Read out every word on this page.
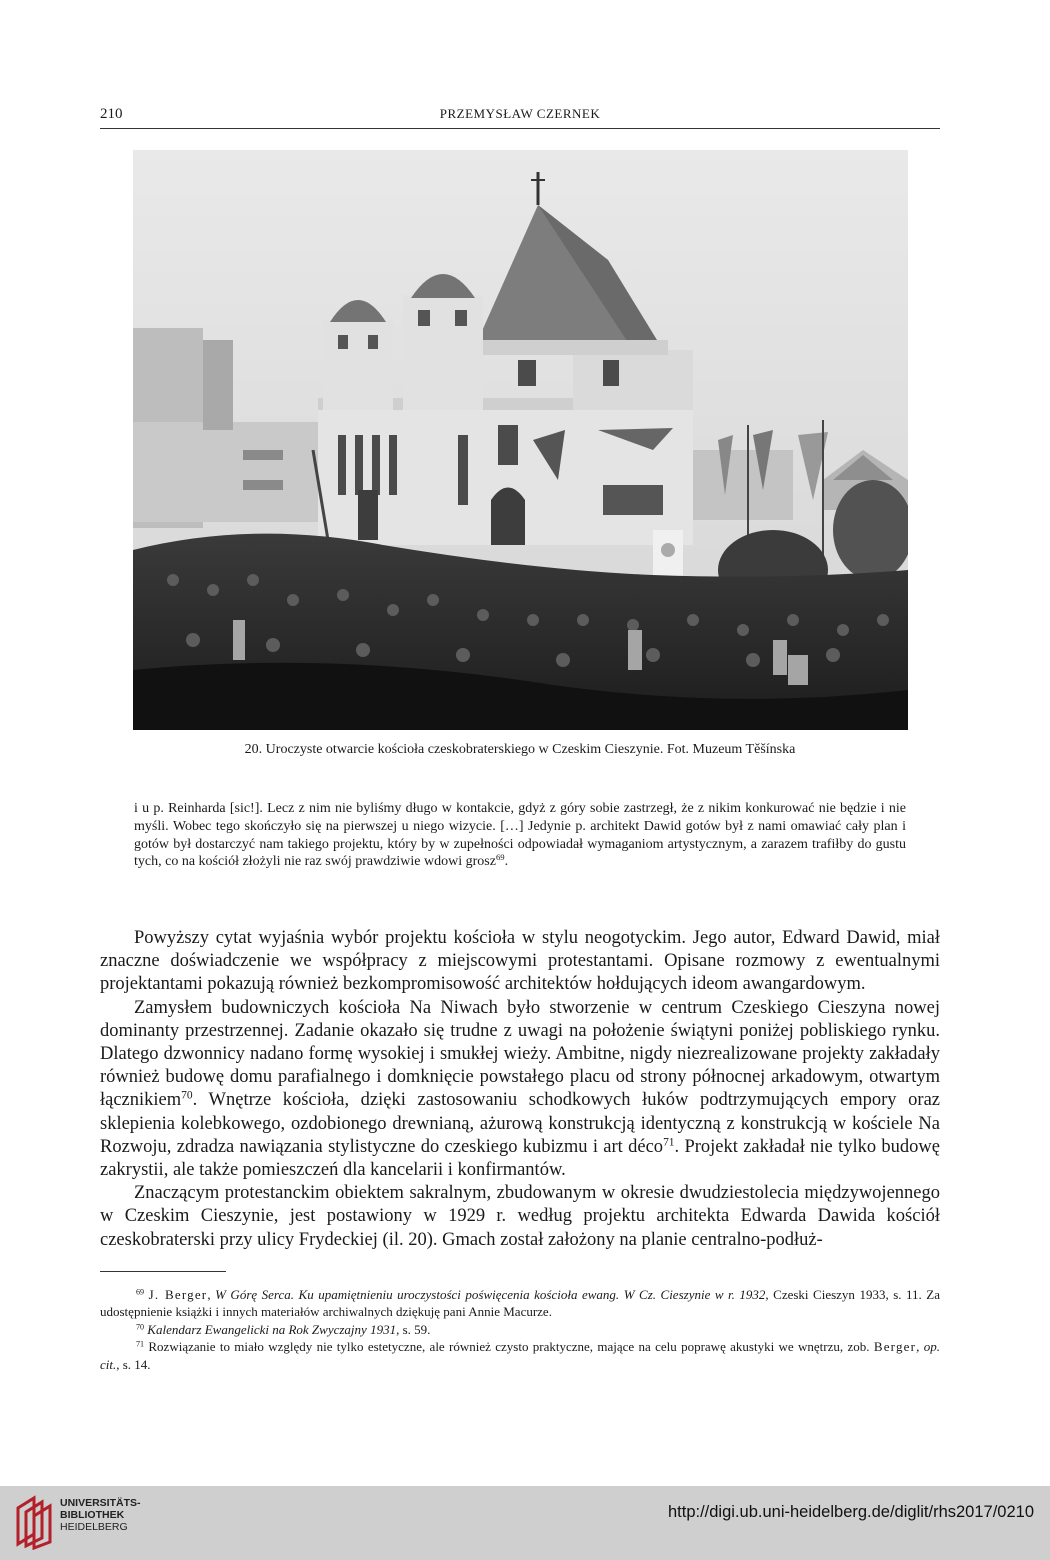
210	PRZEMYSŁAW CZERNEK
20. Uroczyste otwarcie kościoła czeskobraterskiego w Czeskim Cieszynie. Fot. Muzeum Těšínska

i u p. Reinharda [sic!]. Lecz z nim nie byliśmy długo w kontakcie, gdyż z góry sobie zastrzegł, że z nikim konkurować nie będzie i nie myśli. Wobec tego skończyło się na pierwszej u niego wizycie. […] Jedynie p. architekt Dawid gotów był z nami omawiać cały plan i gotów był dostarczyć nam takiego projektu, który by w zupełności odpowiadał wymaganiom artystycznym, a zarazem trafiłby do gustu tych, co na kościół złożyli nie raz swój prawdziwie wdowi grosz$^{69}$.

Powyższy cytat wyjaśnia wybór projektu kościoła w stylu neogotyckim. Jego autor, Edward Dawid, miał znaczne doświadczenie we współpracy z miejscowymi protestantami. Opisane rozmowy z ewentualnymi projektantami pokazują również bezkompromisowość architektów hołdujących ideom awangardowym.

Zamysłem budowniczych kościoła Na Niwach było stworzenie w centrum Czeskiego Cieszyna nowej dominanty przestrzennej. Zadanie okazało się trudne z uwagi na położenie świątyni poniżej pobliskiego rynku. Dlatego dzwonnicy nadano formę wysokiej i smukłej wieży. Ambitne, nigdy niezrealizowane projekty zakładały również budowę domu parafialnego i domknięcie powstałego placu od strony północnej arkadowym, otwartym łącznikiem$^{70}$. Wnętrze kościoła, dzięki zastosowaniu schodkowych łuków podtrzymujących empory oraz sklepienia kolebkowego, ozdobionego drewnianą, ażurową konstrukcją identyczną z konstrukcją w kościele Na Rozwoju, zdradza nawiązania stylistyczne do czeskiego kubizmu i art déco$^{71}$. Projekt zakładał nie tylko budowę zakrystii, ale także pomieszczeń dla kancelarii i konfirmantów.

Znaczącym protestanckim obiektem sakralnym, zbudowanym w okresie dwudziestolecia międzywojennego w Czeskim Cieszynie, jest postawiony w 1929 r. według projektu architekta Edwarda Dawida kościół czeskobraterski przy ulicy Frydeckiej (il. 20). Gmach został założony na planie centralno-podłuż-

$^{69}$ J. Berger, W Górę Serca. Ku upamiętnieniu uroczystości poświęcenia kościoła ewang. W Cz. Cieszynie w r. 1932, Czeski Cieszyn 1933, s. 11. Za udostępnienie książki i innych materiałów archiwalnych dziękuję pani Annie Macurze.

$^{70}$ Kalendarz Ewangelicki na Rok Zwyczajny 1931, s. 59.

$^{71}$ Rozwiązanie to miało względy nie tylko estetyczne, ale również czysto praktyczne, mające na celu poprawę akustyki we wnętrzu, zob. Berger, op. cit., s. 14.

UNIVERSITÄTS-
BIBLIOTHEK
HEIDELBERG
http://digi.ub.uni-heidelberg.de/diglit/rhs2017/0210
